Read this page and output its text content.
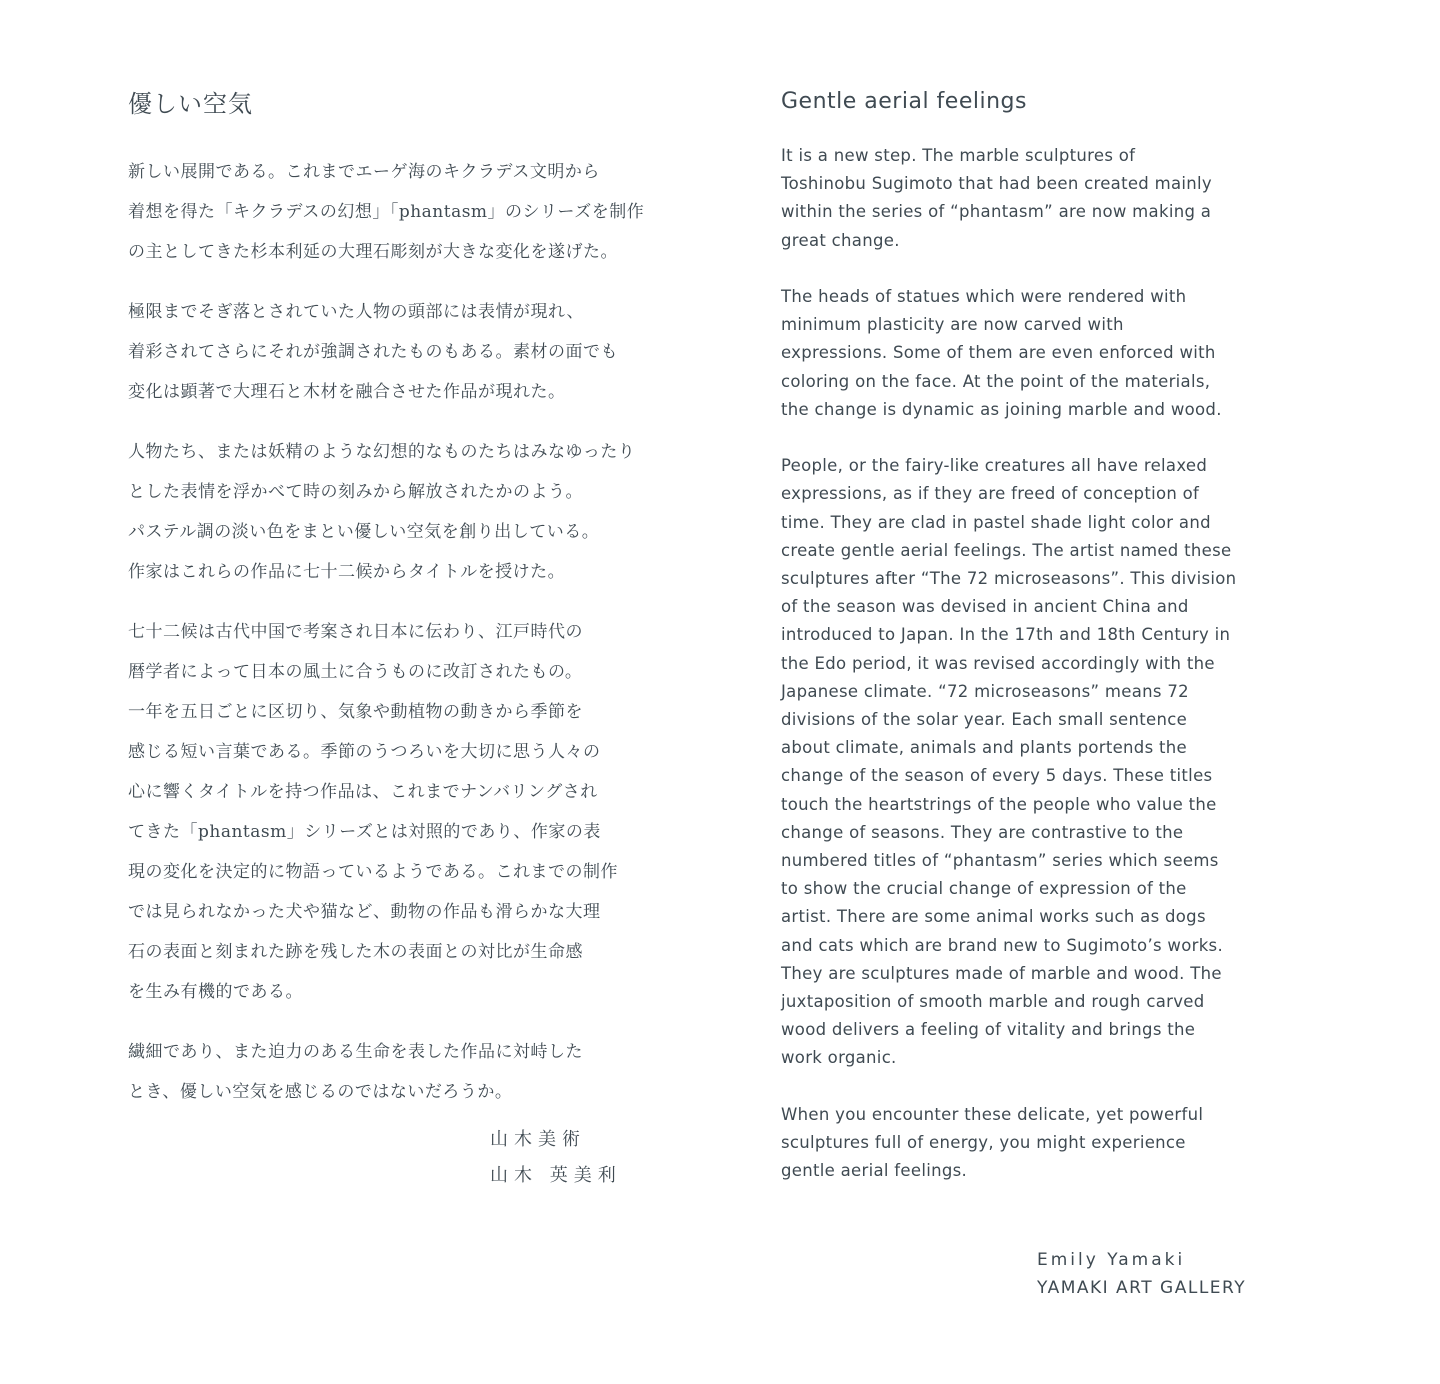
優しい空気
新しい展開である。これまでエーゲ海のキクラデス文明から
着想を得た「キクラデスの幻想」「phantasm」のシリーズを制作
の主としてきた杉本利延の大理石彫刻が大きな変化を遂げた。
極限までそぎ落とされていた人物の頭部には表情が現れ、
着彩されてさらにそれが強調されたものもある。素材の面でも
変化は顕著で大理石と木材を融合させた作品が現れた。
人物たち、または妖精のような幻想的なものたちはみなゆったり
とした表情を浮かべて時の刻みから解放されたかのよう。
パステル調の淡い色をまとい優しい空気を創り出している。
作家はこれらの作品に七十二候からタイトルを授けた。
七十二候は古代中国で考案され日本に伝わり、江戸時代の
暦学者によって日本の風土に合うものに改訂されたもの。
一年を五日ごとに区切り、気象や動植物の動きから季節を
感じる短い言葉である。季節のうつろいを大切に思う人々の
心に響くタイトルを持つ作品は、これまでナンバリングされ
てきた「phantasm」シリーズとは対照的であり、作家の表
現の変化を決定的に物語っているようである。これまでの制作
では見られなかった犬や猫など、動物の作品も滑らかな大理
石の表面と刻まれた跡を残した木の表面との対比が生命感
を生み有機的である。
繊細であり、また迫力のある生命を表した作品に対峙した
とき、優しい空気を感じるのではないだろうか。
山木美術
山木 英美利
Gentle aerial feelings
It is a new step. The marble sculptures of
Toshinobu Sugimoto that had been created mainly
within the series of “phantasm” are now making a
great change.
The heads of statues which were rendered with
minimum plasticity are now carved with
expressions. Some of them are even enforced with
coloring on the face. At the point of the materials,
the change is dynamic as joining marble and wood.
People, or the fairy-like creatures all have relaxed
expressions, as if they are freed of conception of
time. They are clad in pastel shade light color and
create gentle aerial feelings. The artist named these
sculptures after “The 72 microseasons”. This division
of the season was devised in ancient China and
introduced to Japan. In the 17th and 18th Century in
the Edo period, it was revised accordingly with the
Japanese climate. “72 microseasons” means 72
divisions of the solar year. Each small sentence
about climate, animals and plants portends the
change of the season of every 5 days. These titles
touch the heartstrings of the people who value the
change of seasons. They are contrastive to the
numbered titles of “phantasm” series which seems
to show the crucial change of expression of the
artist. There are some animal works such as dogs
and cats which are brand new to Sugimoto’s works.
They are sculptures made of marble and wood. The
juxtaposition of smooth marble and rough carved
wood delivers a feeling of vitality and brings the
work organic.
When you encounter these delicate, yet powerful
sculptures full of energy, you might experience
gentle aerial feelings.
Emily Yamaki
YAMAKI ART GALLERY
